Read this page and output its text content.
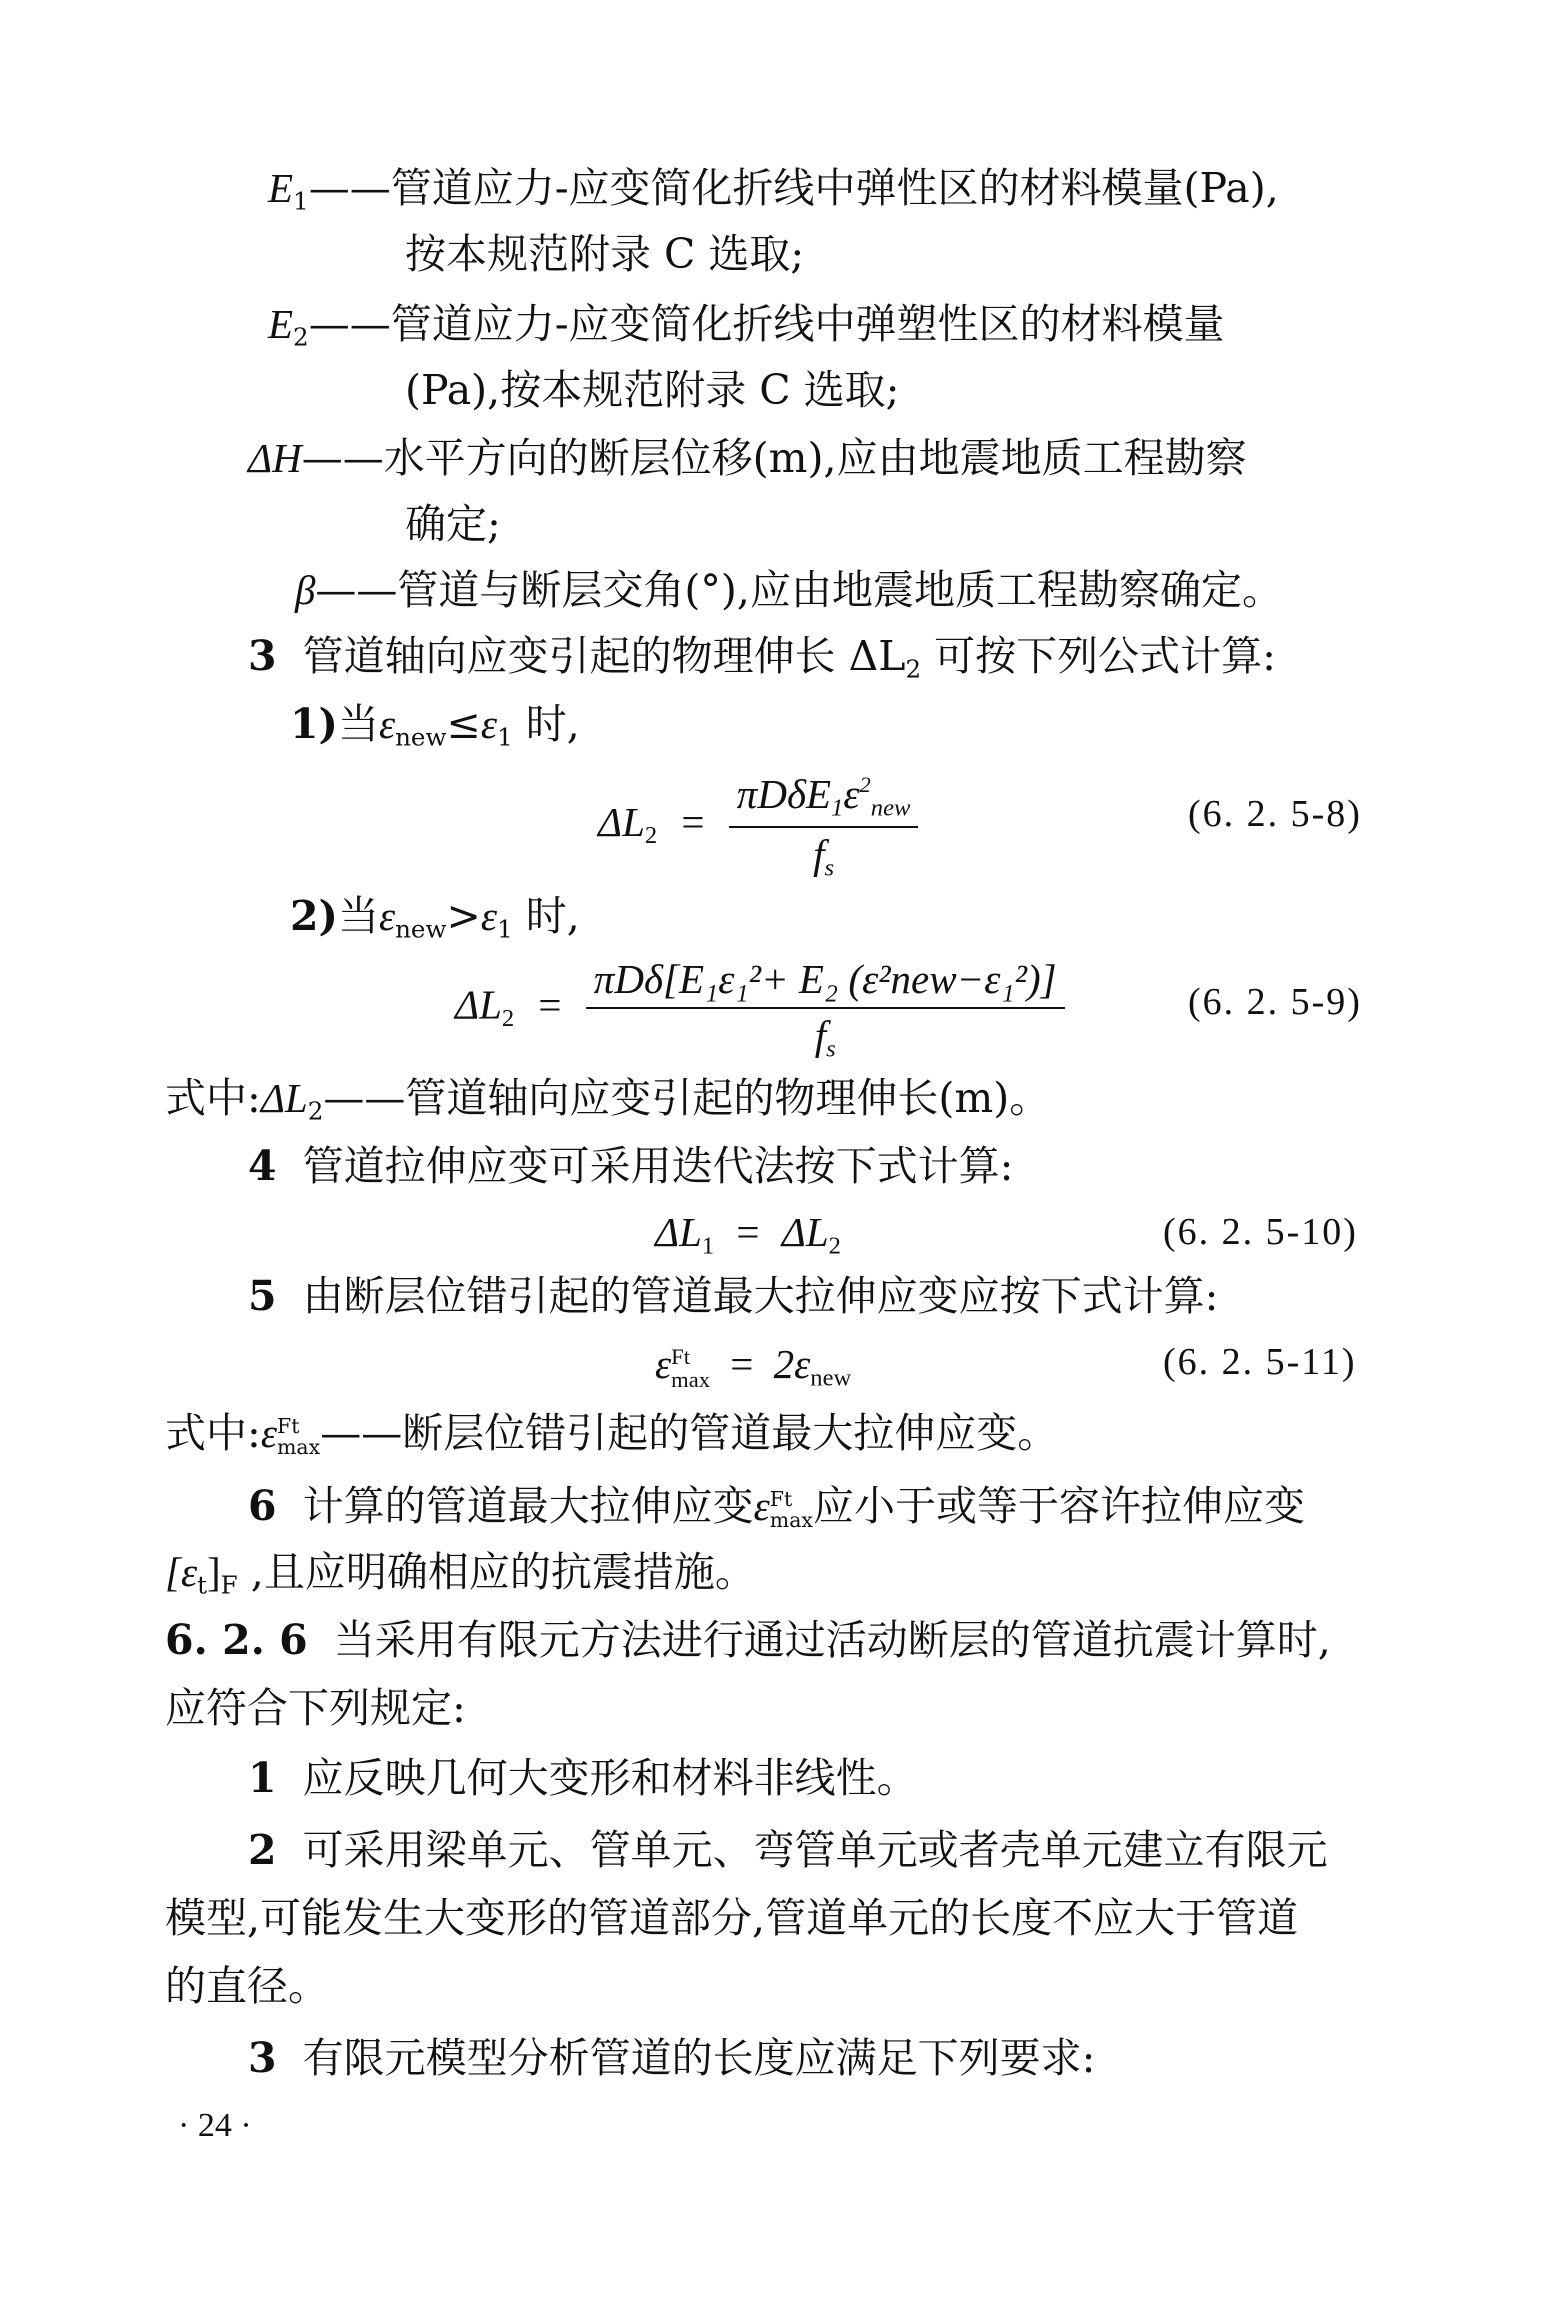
$E_1——$管道应力-应变简化折线中弹性区的材料模量(Pa),
按本规范附录 C 选取;
$E_2——$管道应力-应变简化折线中弹塑性区的材料模量
(Pa),按本规范附录 C 选取;
ΔH——水平方向的断层位移(m),应由地震地质工程勘察
确定;
β——管道与断层交角(°),应由地震地质工程勘察确定。
3 管道轴向应变引起的物理伸长 $\Delta L_2$ 可按下列公式计算:
1)当$\varepsilon_{new}\le\varepsilon_1$ 时,
$\Delta L_2 = \frac{\pi D\delta E_1\varepsilon^2_{new}}{f_s}$	(6. 2. 5-8)
2)当$\varepsilon_{new}>\varepsilon_1$ 时,
$\Delta L_2 = \frac{\text{πDδ[E₁ε₁²+ E₂ (ε²new−ε₁²)]}}{f_s}$	(6. 2. 5-9)
式中$:\Delta L_2——$管道轴向应变引起的物理伸长(m)。
4 管道拉伸应变可采用迭代法按下式计算:
$\Delta L_1 = \Delta L_2$	(6. 2. 5-10)
5 由断层位错引起的管道最大拉伸应变应按下式计算:
ε Ft
$\max = 2\varepsilon_{new}$	(6. 2. 5-11)
式中:ε Ft
max ——断层位错引起的管道最大拉伸应变。
6 计算的管道最大拉伸应变ε Ft
max 应小于或等于容许拉伸应变
$[\varepsilon_t]_F$ ,且应明确相应的抗震措施。
6. 2. 6 当采用有限元方法进行通过活动断层的管道抗震计算时,
应符合下列规定:
1 应反映几何大变形和材料非线性。
2 可采用梁单元、管单元、弯管单元或者壳单元建立有限元
模型,可能发生大变形的管道部分,管道单元的长度不应大于管道
的直径。
3 有限元模型分析管道的长度应满足下列要求:
· 24 ·
